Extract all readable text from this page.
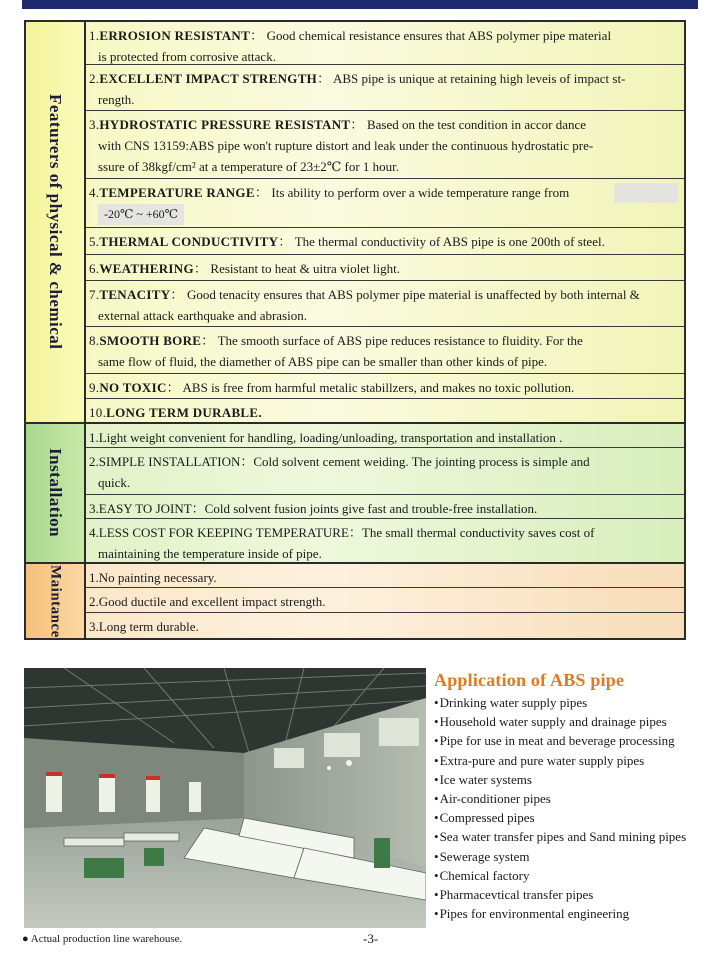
Featurers of physical & chemical
1.ERROSION RESISTANT： Good chemical resistance ensures that ABS polymer pipe material
is protected from corrosive attack.
2.EXCELLENT IMPACT STRENGTH： ABS pipe is unique at retaining high leveis of impact st-
rength.
3.HYDROSTATIC PRESSURE RESISTANT： Based on the test condition in accor dance
with CNS 13159:ABS pipe won't rupture distort and leak under the continuous hydrostatic pre-
ssure of 38kgf/cm² at a temperature of 23±2℃ for 1 hour.
4.TEMPERATURE RANGE： Its ability to perform over a wide temperature range from
-20℃ ~ +60℃
5.THERMAL CONDUCTIVITY： The thermal conductivity of ABS pipe is one 200th of steel.
6.WEATHERING： Resistant to heat & uitra violet light.
7.TENACITY： Good tenacity ensures that ABS polymer pipe material is unaffected by both internal &
external attack earthquake and abrasion.
8.SMOOTH BORE： The smooth surface of ABS pipe reduces resistance to fluidity. For the
same flow of fluid, the diamether of ABS pipe can be smaller than other kinds of pipe.
9.NO TOXIC： ABS is free from harmful metalic stabillzers, and makes no toxic pollution.
10.LONG TERM DURABLE.
Installation
1.Light weight convenient for handling, loading/unloading, transportation and installation .
2.SIMPLE INSTALLATION：Cold solvent cement weiding. The jointing process is simple and
quick.
3.EASY TO JOINT：Cold solvent fusion joints give fast and trouble-free installation.
4.LESS COST FOR KEEPING TEMPERATURE：The small thermal conductivity saves cost of
maintaining the temperature inside of pipe.
Maintance 1.No painting necessary.
2.Good ductile and excellent impact strength.
3.Long term durable.
● Actual production line warehouse.	-3-
Application of ABS pipe
• Drinking water supply pipes
• Household water supply and drainage pipes
• Pipe for use in meat and beverage processing
• Extra-pure and pure water supply pipes
• Ice water systems
• Air-conditioner pipes
• Compressed pipes
• Sea water transfer pipes and Sand mining pipes
• Sewerage system
• Chemical factory
• Pharmacevtical transfer pipes
• Pipes for environmental engineering
